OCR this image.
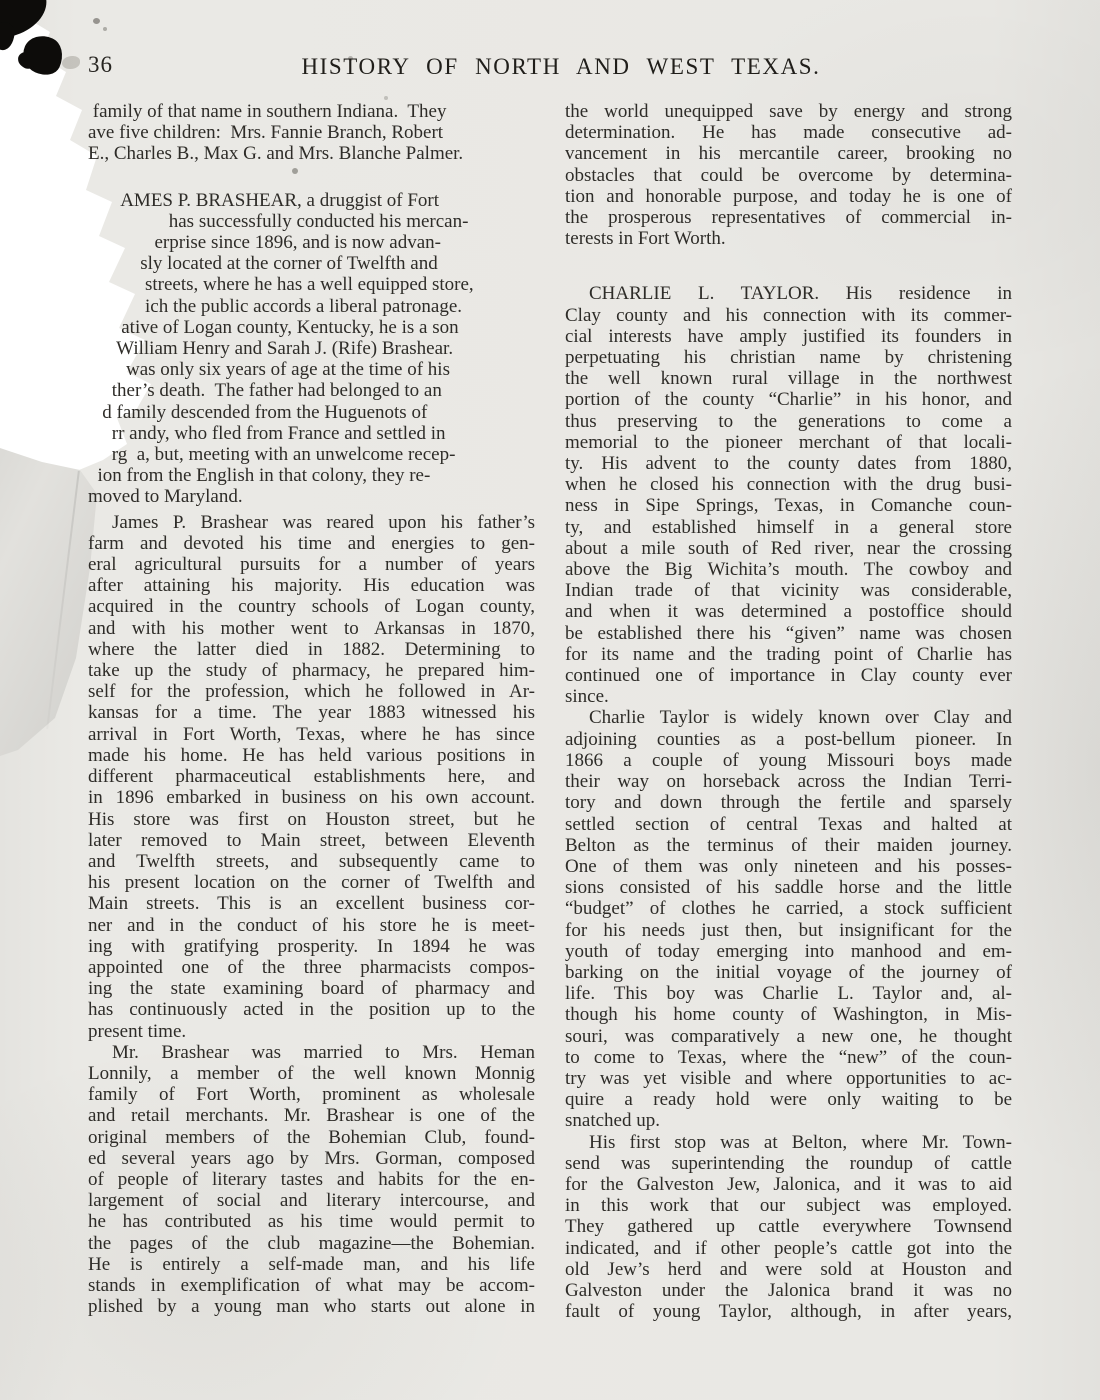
36	HISTORY OF NORTH AND WEST TEXAS.
family of that name in southern Indiana.  They
ave five children:  Mrs. Fannie Branch, Robert
E., Charles B., Max G. and Mrs. Blanche Palmer.
AMES P. BRASHEAR, a druggist of Fort
has successfully conducted his mercan-
erprise since 1896, and is now advan-
sly located at the corner of Twelfth and
streets, where he has a well equipped store,
ich the public accords a liberal patronage.
ative of Logan county, Kentucky, he is a son
William Henry and Sarah J. (Rife) Brashear.
was only six years of age at the time of his
ther’s death.  The father had belonged to an
d family descended from the Huguenots of
rr andy, who fled from France and settled in
rg  a, but, meeting with an unwelcome recep-
ion from the English in that colony, they re-
moved to Maryland.
James P. Brashear was reared upon his father’s
farm and devoted his time and energies to gen-
eral agricultural pursuits for a number of years
after attaining his majority. His education was
acquired in the country schools of Logan county,
and with his mother went to Arkansas in 1870,
where the latter died in 1882. Determining to
take up the study of pharmacy, he prepared him-
self for the profession, which he followed in Ar-
kansas for a time. The year 1883 witnessed his
arrival in Fort Worth, Texas, where he has since
made his home. He has held various positions in
different pharmaceutical establishments here, and
in 1896 embarked in business on his own account.
His store was first on Houston street, but he
later removed to Main street, between Eleventh
and Twelfth streets, and subsequently came to
his present location on the corner of Twelfth and
Main streets. This is an excellent business cor-
ner and in the conduct of his store he is meet-
ing with gratifying prosperity. In 1894 he was
appointed one of the three pharmacists compos-
ing the state examining board of pharmacy and
has continuously acted in the position up to the
present time.
Mr. Brashear was married to Mrs. Heman
Lonnily, a member of the well known Monnig
family of Fort Worth, prominent as wholesale
and retail merchants. Mr. Brashear is one of the
original members of the Bohemian Club, found-
ed several years ago by Mrs. Gorman, composed
of people of literary tastes and habits for the en-
largement of social and literary intercourse, and
he has contributed as his time would permit to
the pages of the club magazine—the Bohemian.
He is entirely a self-made man, and his life
stands in exemplification of what may be accom-
plished by a young man who starts out alone in
the world unequipped save by energy and strong
determination. He has made consecutive ad-
vancement in his mercantile career, brooking no
obstacles that could be overcome by determina-
tion and honorable purpose, and today he is one of
the prosperous representatives of commercial in-
terests in Fort Worth.
CHARLIE L. TAYLOR. His residence in
Clay county and his connection with its commer-
cial interests have amply justified its founders in
perpetuating his christian name by christening
the well known rural village in the northwest
portion of the county “Charlie” in his honor, and
thus preserving to the generations to come a
memorial to the pioneer merchant of that locali-
ty. His advent to the county dates from 1880,
when he closed his connection with the drug busi-
ness in Sipe Springs, Texas, in Comanche coun-
ty, and established himself in a general store
about a mile south of Red river, near the crossing
above the Big Wichita’s mouth. The cowboy and
Indian trade of that vicinity was considerable,
and when it was determined a postoffice should
be established there his “given” name was chosen
for its name and the trading point of Charlie has
continued one of importance in Clay county ever
since.
Charlie Taylor is widely known over Clay and
adjoining counties as a post-bellum pioneer. In
1866 a couple of young Missouri boys made
their way on horseback across the Indian Terri-
tory and down through the fertile and sparsely
settled section of central Texas and halted at
Belton as the terminus of their maiden journey.
One of them was only nineteen and his posses-
sions consisted of his saddle horse and the little
“budget” of clothes he carried, a stock sufficient
for his needs just then, but insignificant for the
youth of today emerging into manhood and em-
barking on the initial voyage of the journey of
life. This boy was Charlie L. Taylor and, al-
though his home county of Washington, in Mis-
souri, was comparatively a new one, he thought
to come to Texas, where the “new” of the coun-
try was yet visible and where opportunities to ac-
quire a ready hold were only waiting to be
snatched up.
His first stop was at Belton, where Mr. Town-
send was superintending the roundup of cattle
for the Galveston Jew, Jalonica, and it was to aid
in this work that our subject was employed.
They gathered up cattle everywhere Townsend
indicated, and if other people’s cattle got into the
old Jew’s herd and were sold at Houston and
Galveston under the Jalonica brand it was no
fault of young Taylor, although, in after years,
